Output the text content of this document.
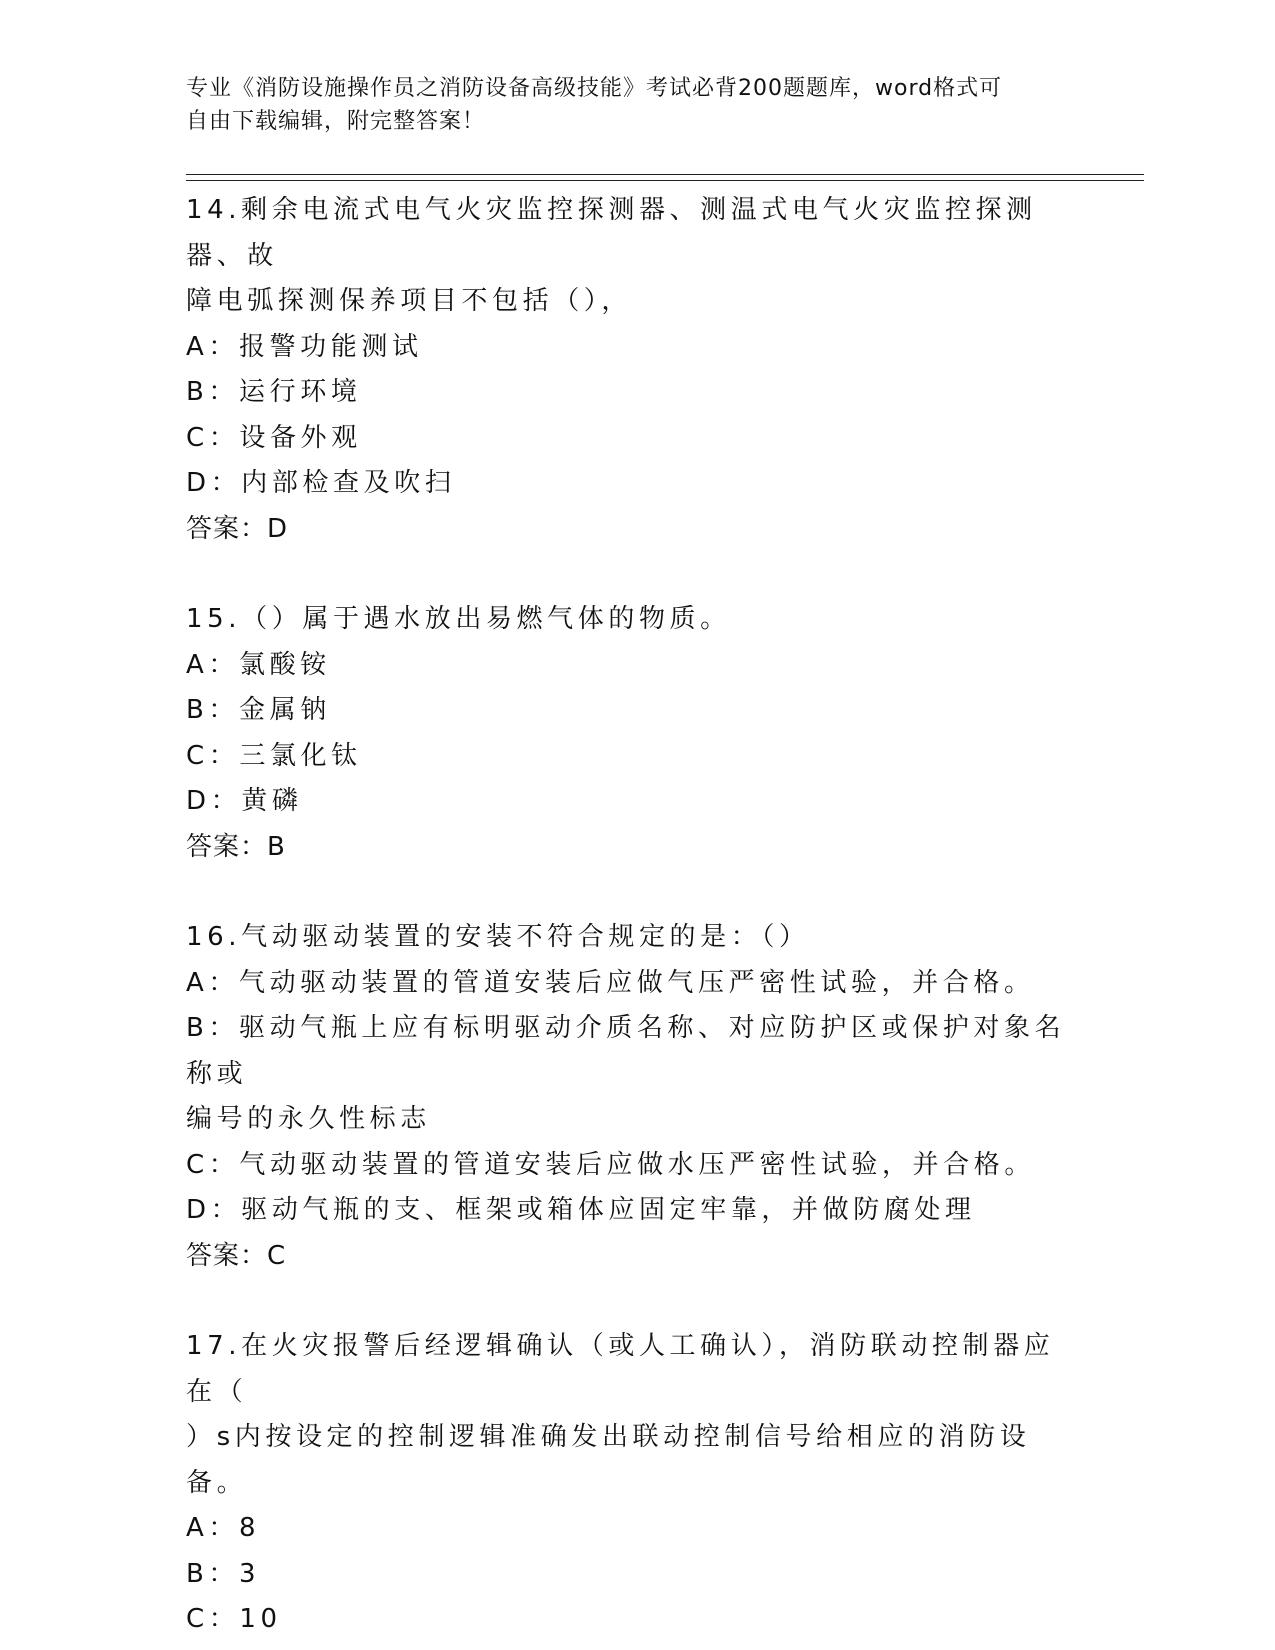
专业《消防设施操作员之消防设备高级技能》考试必背200题题库，word格式可
自由下载编辑，附完整答案！
14.剩余电流式电气火灾监控探测器、测温式电气火灾监控探测器、故
障电弧探测保养项目不包括（），
A：报警功能测试
B：运行环境
C：设备外观
D：内部检查及吹扫
答案：D
15.（）属于遇水放出易燃气体的物质。
A：氯酸铵
B：金属钠
C：三氯化钛
D：黄磷
答案：B
16.气动驱动装置的安装不符合规定的是：（）
A：气动驱动装置的管道安装后应做气压严密性试验，并合格。
B：驱动气瓶上应有标明驱动介质名称、对应防护区或保护对象名称或
编号的永久性标志
C：气动驱动装置的管道安装后应做水压严密性试验，并合格。
D：驱动气瓶的支、框架或箱体应固定牢靠，并做防腐处理
答案：C
17.在火灾报警后经逻辑确认（或人工确认），消防联动控制器应在（
）s内按设定的控制逻辑准确发出联动控制信号给相应的消防设备。
A：8
B：3
C：10
